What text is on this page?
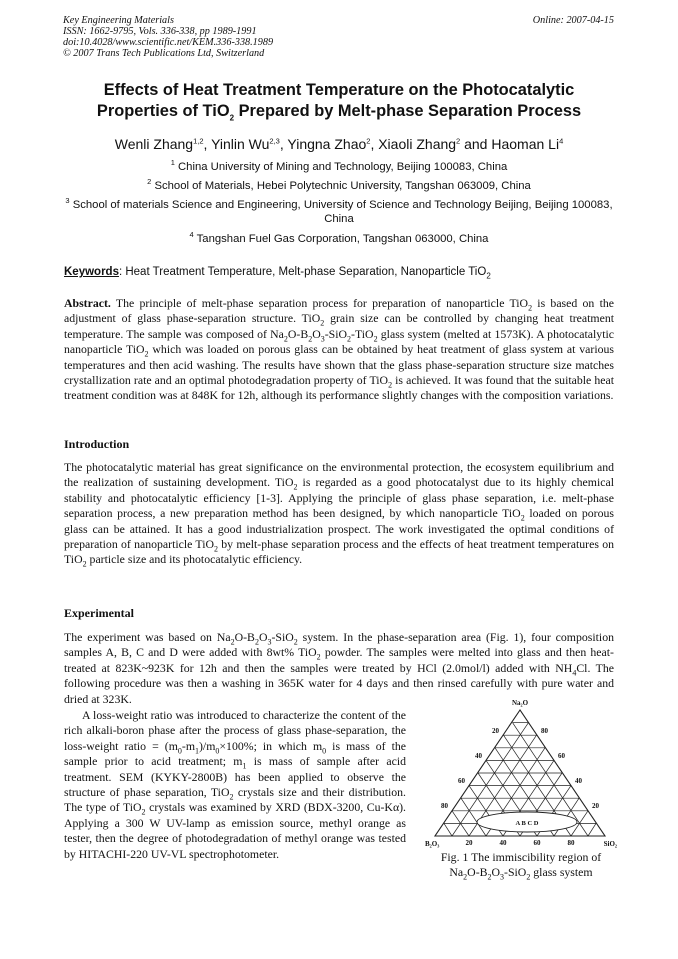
Key Engineering Materials
ISSN: 1662-9795, Vols. 336-338, pp 1989-1991
doi:10.4028/www.scientific.net/KEM.336-338.1989
© 2007 Trans Tech Publications Ltd, Switzerland
Online: 2007-04-15
Effects of Heat Treatment Temperature on the Photocatalytic
Properties of TiO$_2$ Prepared by Melt-phase Separation Process
Wenli Zhang$^{1,2}$, Yinlin Wu$^{2,3}$, Yingna Zhao$^2$, Xiaoli Zhang$^2$ and Haoman Li$^4$
$^1$ China University of Mining and Technology, Beijing 100083, China
$^2$ School of Materials, Hebei Polytechnic University, Tangshan 063009, China
$^3$ School of materials Science and Engineering, University of Science and Technology Beijing, Beijing 100083, China
$^4$ Tangshan Fuel Gas Corporation, Tangshan 063000, China
Keywords: Heat Treatment Temperature, Melt-phase Separation, Nanoparticle TiO$_2$
Abstract. The principle of melt-phase separation process for preparation of nanoparticle TiO$_2$ is based on the adjustment of glass phase-separation structure. TiO$_2$ grain size can be controlled by changing heat treatment temperature. The sample was composed of $Na_2O-B_2O_3-SiO_2-TiO_2$ glass system (melted at 1573K). A photocatalytic nanoparticle TiO$_2$ which was loaded on porous glass can be obtained by heat treatment of glass system at various temperatures and then acid washing. The results have shown that the glass phase-separation structure size matches crystallization rate and an optimal photodegradation property of TiO$_2$ is achieved. It was found that the suitable heat treatment condition was at 848K for 12h, although its performance slightly changes with the composition variations.
Introduction
The photocatalytic material has great significance on the environmental protection, the ecosystem equilibrium and the realization of sustaining development. TiO$_2$ is regarded as a good photocatalyst due to its highly chemical stability and photocatalytic efficiency [1-3]. Applying the principle of glass phase separation, i.e. melt-phase separation process, a new preparation method has been designed, by which nanoparticle TiO$_2$ loaded on porous glass can be attained. It has a good industrialization prospect. The work investigated the optimal conditions of preparation of nanoparticle TiO$_2$ by melt-phase separation process and the effects of heat treatment temperatures on TiO$_2$ particle size and its photocatalytic efficiency.
Experimental
The experiment was based on $Na_2O-B_2O_3-SiO_2$ system. In the phase-separation area (Fig. 1), four composition samples A, B, C and D were added with 8wt% TiO$_2$ powder. The samples were melted into glass and then heat-treated at 823K~923K for 12h and then the samples were treated by HCl (2.0mol/l) added with $NH_4Cl$. The following procedure was then a washing in 365K water for 4 days and then rinsed carefully with pure water and dried at 323K.
A loss-weight ratio was introduced to characterize the content of the rich alkali-boron phase after the process of glass phase-separation, the loss-weight ratio = $(m_0-m_1)/m_0\times 100\%$; in which $m_0$ is mass of the sample prior to acid treatment; $m_1$ is mass of sample after acid treatment. SEM (KYKY-2800B) has been applied to observe the structure of phase separation, TiO$_2$ crystals size and their distribution. The type of TiO$_2$ crystals was examined by XRD (BDX-3200, Cu-Kα). Applying a 300 W UV-lamp as emission source, methyl orange as tester, then the degree of photodegradation of methyl orange was tested by HITACHI-220 UV-VL spectrophotometer.
Na₂O
B₂O₃	SiO₂
20
40
60
80
80
60
40
20
20	40	60	80
A B C D
Fig. 1 The immiscibility region of
$Na_2O-B_2O_3-SiO_2$ glass system
